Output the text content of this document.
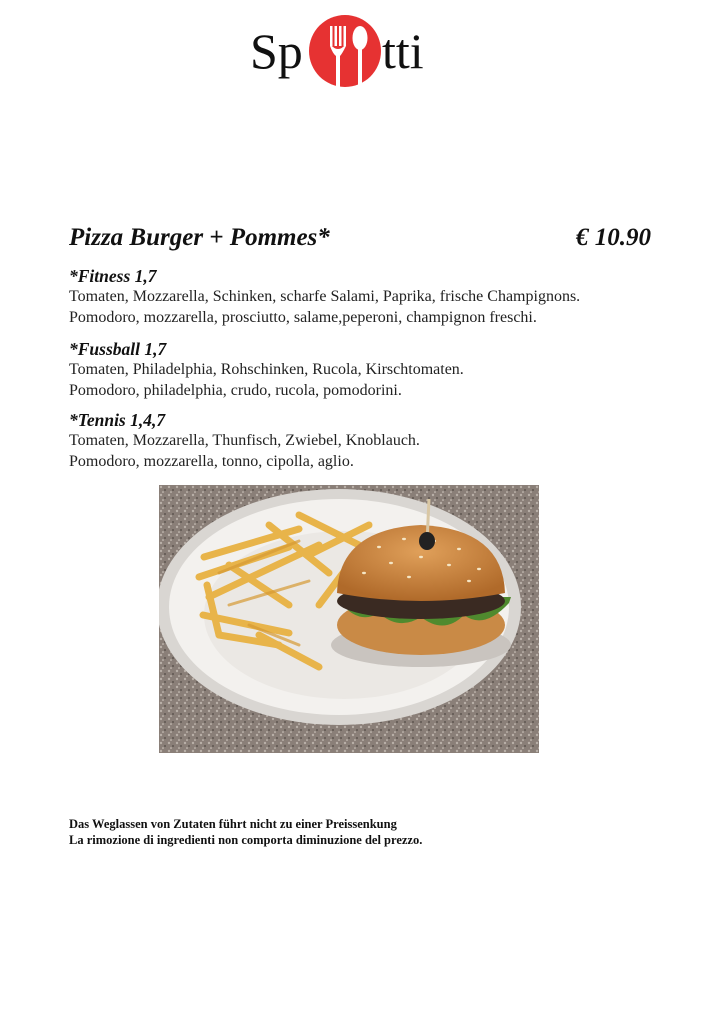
Sp tti
Pizza Burger + Pommes*	€ 10.90
*Fitness 1,7
Tomaten, Mozzarella, Schinken, scharfe Salami, Paprika, frische Champignons.
Pomodoro, mozzarella, prosciutto, salame,peperoni, champignon freschi.
*Fussball 1,7
Tomaten, Philadelphia, Rohschinken, Rucola, Kirschtomaten.
Pomodoro, philadelphia, crudo, rucola, pomodorini.
*Tennis 1,4,7
Tomaten, Mozzarella, Thunfisch, Zwiebel, Knoblauch.
Pomodoro, mozzarella, tonno, cipolla, aglio.
Das Weglassen von Zutaten führt nicht zu einer Preissenkung
La rimozione di ingredienti non comporta diminuzione del prezzo.
